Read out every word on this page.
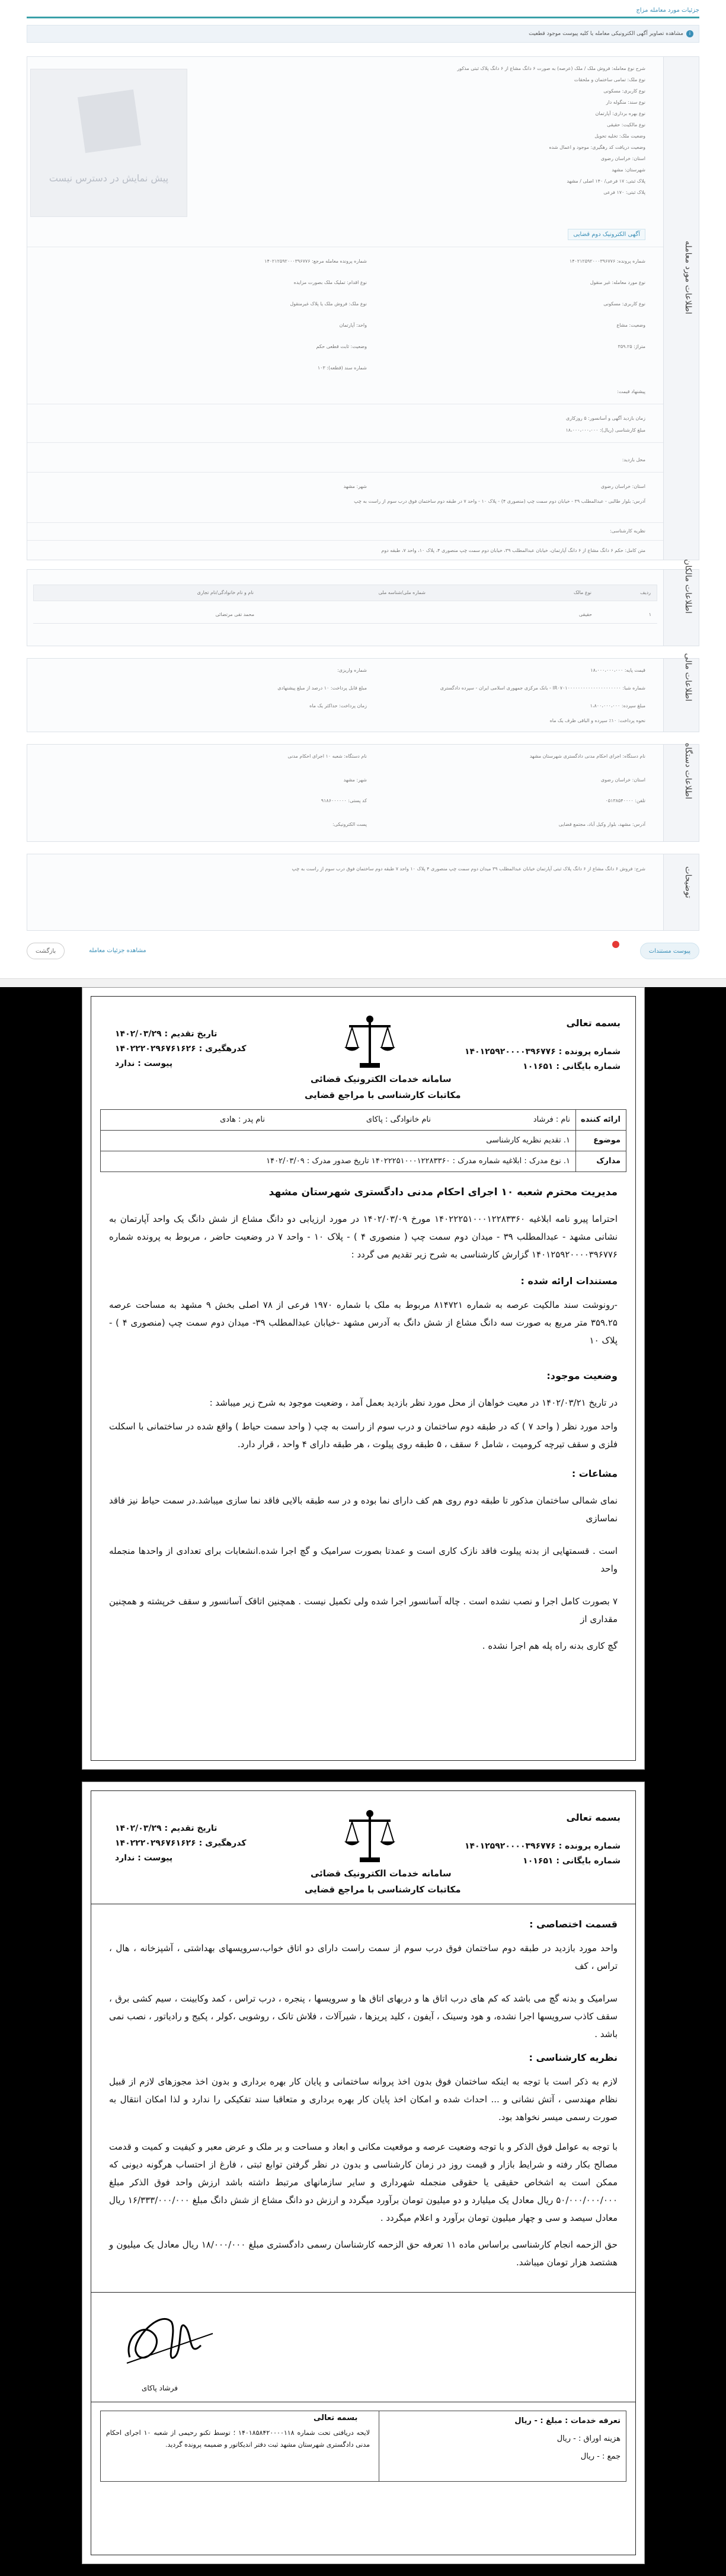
جزئیات مورد معامله مزاج
i
مشاهده تصاویر آگهی الکترونیکی معامله یا کلیه پیوست موجود قطعیت
اطلاعات مورد معامله
شرح نوع معامله: فروش ملک / ملک (عرصه) به صورت ۶ دانگ مشاع از ۶ دانگ پلاک ثبتی مذکور
نوع ملک: تمامی ساختمان و ملحقات
نوع کاربری: مسکونی
نوع سند: منگوله دار
نوع بهره برداری: آپارتمان
نوع مالکیت: حقیقی
وضعیت ملک: تخلیه تحویل
وضعیت دریافت کد رهگیری: موجود و اعمال شده
استان: خراسان رضوی
شهرستان: مشهد
پلاک ثبتی: ۱۷ فرعی/ ۱۴۰ اصلی / مشهد
پلاک ثبتی: ۱۷۰ فرعی
پیش نمایش در دسترس نیست
آگهی الکترونیک دوم قضایی
شماره پرونده: ۱۴۰۲۱۲۵۹۲۰۰۰۳۹۶۷۷۶
شماره پرونده معامله مرجع: ۱۴۰۲۱۲۵۹۲۰۰۰۳۹۶۷۷۶
نوع مورد معامله: غیر منقول
نوع اقدام: تملیک ملک بصورت مزایده
نوع کاربری: مسکونی
نوع ملک: فروش ملک یا پلاک غیرمنقول
وضعیت: مشاع
واحد: آپارتمان
متراژ: ۳۵۹.۲۵
وضعیت: ثابت قطعی حکم
شماره سند (قطعه): ۱۰۳
پیشنهاد قیمت:
زمان بازدید آگهی و آسانسور: ۵ روزکاری
مبلغ کارشناسی (ریال): ۱۸،۰۰۰،۰۰۰،۰۰۰
محل بازدید:
استان: خراسان رضوی
شهر: مشهد
آدرس: بلوار طالبی - عبدالمطلب ۳۹ - خیابان دوم سمت چپ (منصوری ۴) - پلاک ۱۰ - واحد ۷ در طبقه دوم ساختمان فوق درب سوم از راست به چپ
نظریه کارشناسی:
متن کامل: حکم ۶ دانگ مشاع از ۶ دانگ آپارتمان، خیابان عبدالمطلب ۳۹، خیابان دوم سمت چپ منصوری ۴، پلاک ۱۰، واحد ۷، طبقه دوم
اطلاعات مالکان
ردیف
نوع مالک
شماره ملی/شناسه ملی
نام و نام خانوادگی/نام تجاری
۱
حقیقی
محمد تقی مرتضائی
اطلاعات مالی
قیمت پایه: ۱۸،۰۰۰،۰۰۰،۰۰۰
شماره شبا: IR۰۷۰۱۰۰۰۰۰۰۰۰۰۰۰۰۰۰۰۰۰۰۰۰۰ - بانک مرکزی جمهوری اسلامی ایران - سپرده دادگستری
مبلغ سپرده: ۱،۸۰۰،۰۰۰،۰۰۰
نحوه پرداخت: ۱۰٪ سپرده و الباقی ظرف یک ماه
شماره واریزی:
مبلغ قابل پرداخت: ۱۰ درصد از مبلغ پیشنهادی
زمان پرداخت: حداکثر یک ماه
اطلاعات دستگاه
نام دستگاه: اجرای احکام مدنی دادگستری شهرستان مشهد
استان: خراسان رضوی
تلفن: ۰۵۱۳۸۵۴۰۰۰۰
آدرس: مشهد، بلوار وکیل آباد، مجتمع قضایی
نام دستگاه: شعبه ۱۰ اجرای احکام مدنی
شهر: مشهد
کد پستی: ۹۱۸۶۰۰۰۰۰۰
پست الکترونیکی:
توضیحات
شرح: فروش ۶ دانگ مشاع از ۶ دانگ پلاک ثبتی آپارتمان خیابان عبدالمطلب ۳۹ میدان دوم سمت چپ منصوری ۴ پلاک ۱۰ واحد ۷ طبقه دوم ساختمان فوق درب سوم از راست به چپ
پیوست مستندات
بازگشت	مشاهده جزئیات معامله
بسمه تعالی
شماره پرونده : ۱۴۰۱۲۵۹۲۰۰۰۰۳۹۶۷۷۶
شماره بایگانی : ۱۰۱۶۵۱
سامانه خدمات الکترونیک قضائی
مکاتبات کارشناسی با مراجع قضایی
تاریخ تقدیم : ۱۴۰۲/۰۳/۲۹
کدرهگیری : ۱۴۰۲۲۲۰۲۹۶۷۶۱۶۲۶
پیوست : ندارد
ارائه کننده
نام : فرشاد
نام خانوادگی : پاکای
نام پدر : هادی
موضوع
۱. تقدیم نظریه کارشناسی
مدارک
۱. نوع مدرک : ابلاغیه شماره مدرک : ۱۴۰۲۲۲۵۱۰۰۰۱۲۲۸۳۳۶۰ تاریخ صدور مدرک : ۱۴۰۲/۰۳/۰۹
مدیریت محترم شعبه ۱۰ اجرای احکام مدنی دادگستری شهرستان مشهد
احتراما پیرو نامه ابلاغیه ۱۴۰۲۲۲۵۱۰۰۰۱۲۲۸۳۳۶۰ مورخ ۱۴۰۲/۰۳/۰۹ در مورد ارزیابی دو دانگ مشاع از شش دانگ یک واحد آپارتمان به نشانی مشهد - عبدالمطلب ۳۹ - میدان دوم سمت چپ ( منصوری ۴ ) - پلاک ۱۰ - واحد ۷ در وضعیت حاضر ، مربوط به پرونده شماره ۱۴۰۱۲۵۹۲۰۰۰۰۳۹۶۷۷۶ گزارش کارشناسی به شرح زیر تقدیم می گردد :
مستندات ارائه شده :
-رونوشت سند مالکیت عرصه به شماره ۸۱۴۷۲۱ مربوط به ملک با شماره ۱۹۷۰ فرعی از ۷۸ اصلی بخش ۹ مشهد به مساحت عرصه ۳۵۹.۲۵ متر مربع به صورت سه دانگ مشاع از شش دانگ به آدرس مشهد -خیابان عبدالمطلب ۳۹- میدان دوم سمت چپ (منصوری ۴ ) - پلاک ۱۰
وضعیت موجود:
در تاریخ ۱۴۰۲/۰۳/۲۱ در معیت خواهان از محل مورد نظر بازدید بعمل آمد ، وضعیت موجود به شرح زیر میباشد :
واحد مورد نظر ( واحد ۷ ) که در طبقه دوم ساختمان و درب سوم از راست به چپ ( واحد سمت حیاط ) واقع شده در ساختمانی با اسکلت فلزی و سقف تیرچه کرومیت ، شامل ۶ سقف ، ۵ طبقه روی پیلوت ، هر طبقه دارای ۴ واحد ، قرار دارد.
مشاعات :
نمای شمالی ساختمان مذکور تا طبقه دوم روی هم کف دارای نما بوده و در سه طبقه بالایی فاقد نما سازی میباشد.در سمت حیاط نیز فاقد نماسازی
است . قسمتهایی از بدنه پیلوت فاقد نازک کاری است و عمدتا بصورت سرامیک و گچ اجرا شده.انشعابات برای تعدادی از واحدها منجمله واحد
۷ بصورت کامل اجرا و نصب نشده است . چاله آسانسور اجرا شده ولی تکمیل نیست . همچنین اتاقک آسانسور و سقف خرپشته و همچنین مقداری از
گچ کاری بدنه راه پله هم اجرا نشده .
بسمه تعالی
شماره پرونده : ۱۴۰۱۲۵۹۲۰۰۰۰۳۹۶۷۷۶
شماره بایگانی : ۱۰۱۶۵۱
سامانه خدمات الکترونیک قضائی
مکاتبات کارشناسی با مراجع قضایی
تاریخ تقدیم : ۱۴۰۲/۰۳/۲۹
کدرهگیری : ۱۴۰۲۲۲۰۲۹۶۷۶۱۶۲۶
پیوست : ندارد
قسمت اختصاصی :
واحد مورد بازدید در طبقه دوم ساختمان فوق درب سوم از سمت راست دارای دو اتاق خواب،سرویسهای بهداشتی ، آشپزخانه ، هال ، تراس ، کف
سرامیک و بدنه گچ می باشد که کم های درب اتاق ها و دربهای اتاق ها و سرویسها ، پنجره ، درب تراس ، کمد وکابینت ، سیم کشی برق ، سقف کاذب سرویسها اجرا نشده، و هود وسینک ، آیفون ، کلید پریزها ، شیرآلات ، فلاش تانک ، روشویی ،کولر ، پکیج و رادیاتور ، نصب نمی باشد .
نظریه کارشناسی :
لازم به ذکر است با توجه به اینکه ساختمان فوق بدون اخذ پروانه ساختمانی و پایان کار بهره برداری و بدون اخذ مجوزهای لازم از قبیل نظام مهندسی ، آتش نشانی و ... احداث شده و امکان اخذ پایان کار بهره برداری و متعاقبا سند تفکیکی را ندارد و لذا امکان انتقال به صورت رسمی میسر نخواهد بود.
با توجه به عوامل فوق الذکر و با توجه وضعیت عرصه و موقعیت مکانی و ابعاد و مساحت و بر ملک و عرض معبر و کیفیت و کمیت و قدمت مصالح بکار رفته و شرایط بازار و قیمت روز در زمان کارشناسی و بدون در نظر گرفتن توابع ثبتی ، فارغ از احتساب هرگونه دیونی که ممکن است به اشخاص حقیقی یا حقوقی منجمله شهرداری و سایر سازمانهای مرتبط داشته باشد ارزش واحد فوق الذکر مبلغ ۵۰/۰۰۰/۰۰۰/۰۰۰ ریال معادل یک میلیارد و دو میلیون تومان برآورد میگردد و ارزش دو دانگ مشاع از شش دانگ مبلغ ۱۶/۳۳۳/۰۰۰/۰۰۰ ریال معادل سیصد و سی و چهار میلیون تومان برآورد و اعلام میگردد .
حق الزحمه انجام کارشناسی براساس ماده ۱۱ تعرفه حق الزحمه کارشناسان رسمی دادگستری مبلغ ۱۸/۰۰۰/۰۰۰ ریال معادل یک میلیون و هشتصد هزار تومان میباشد.
فرشاد پاکای
تعرفه خدمات : مبلغ : - ریال
هزینه اوراق : - ریال
جمع : - ریال
بسمه تعالی
لایحه دریافتی تحت شماره ۱۴۰۱۸۵۸۴۲۰۰۰۰۱۱۸ ؛ توسط تکنو رحیمی از شعبه ۱۰ اجرای احکام مدنی دادگستری شهرستان مشهد ثبت دفتر اندیکاتور و ضمیمه پرونده گردید.
